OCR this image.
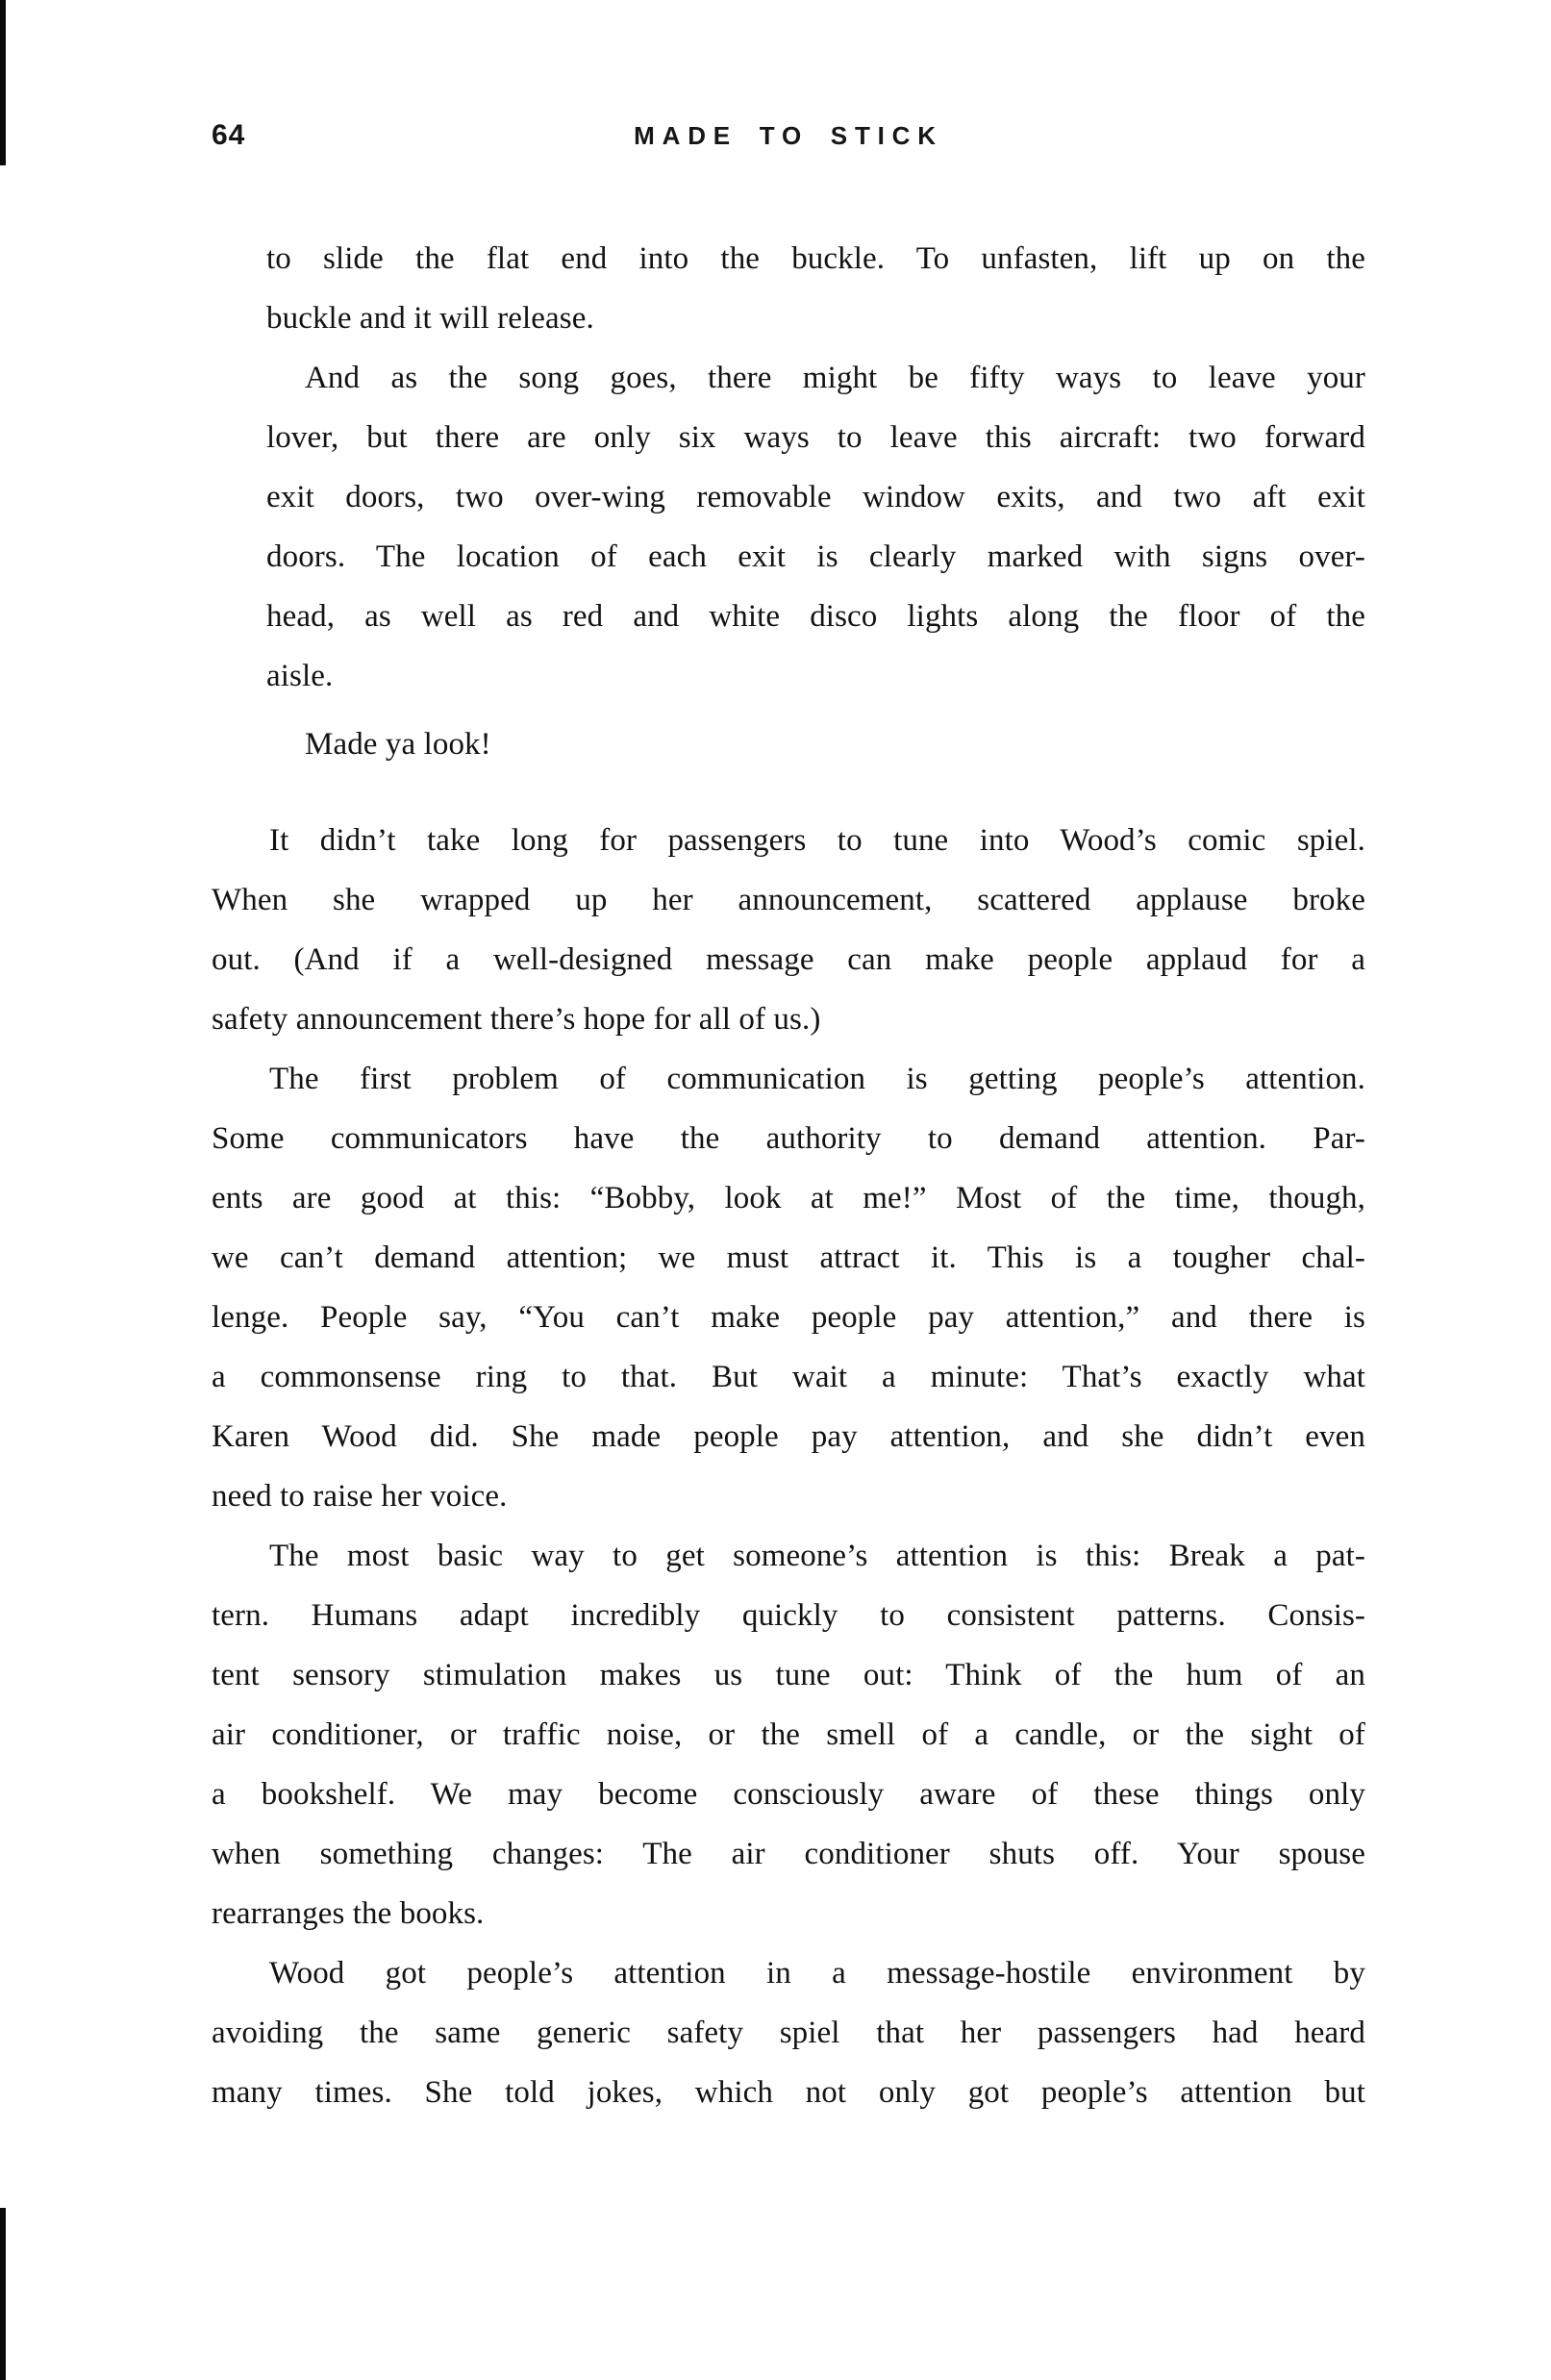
64	MADE TO STICK
to slide the flat end into the buckle. To unfasten, lift up on the
buckle and it will release.
And as the song goes, there might be fifty ways to leave your
lover, but there are only six ways to leave this aircraft: two forward
exit doors, two over-wing removable window exits, and two aft exit
doors. The location of each exit is clearly marked with signs over-
head, as well as red and white disco lights along the floor of the
aisle.
Made ya look!
It didn’t take long for passengers to tune into Wood’s comic spiel.
When she wrapped up her announcement, scattered applause broke
out. (And if a well-designed message can make people applaud for a
safety announcement there’s hope for all of us.)
The first problem of communication is getting people’s attention.
Some communicators have the authority to demand attention. Par-
ents are good at this: “Bobby, look at me!” Most of the time, though,
we can’t demand attention; we must attract it. This is a tougher chal-
lenge. People say, “You can’t make people pay attention,” and there is
a commonsense ring to that. But wait a minute: That’s exactly what
Karen Wood did. She made people pay attention, and she didn’t even
need to raise her voice.
The most basic way to get someone’s attention is this: Break a pat-
tern. Humans adapt incredibly quickly to consistent patterns. Consis-
tent sensory stimulation makes us tune out: Think of the hum of an
air conditioner, or traffic noise, or the smell of a candle, or the sight of
a bookshelf. We may become consciously aware of these things only
when something changes: The air conditioner shuts off. Your spouse
rearranges the books.
Wood got people’s attention in a message-hostile environment by
avoiding the same generic safety spiel that her passengers had heard
many times. She told jokes, which not only got people’s attention but
